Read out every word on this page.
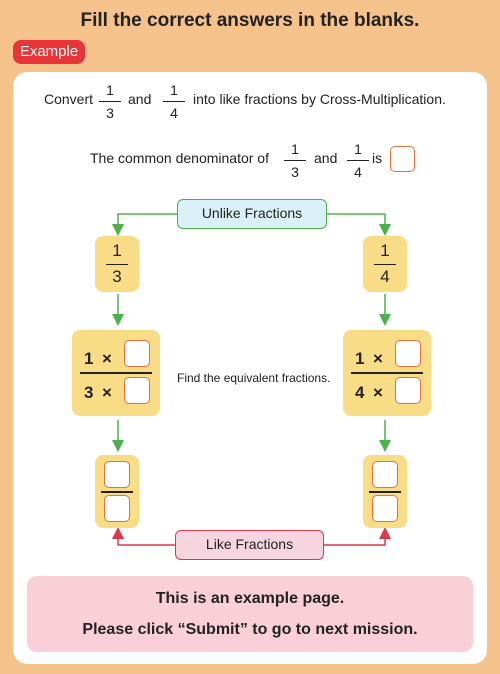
Fill the correct answers in the blanks.
Example
Convert
1
3
and
1
4
into like fractions by Cross-Multiplication.
The common denominator of
1
3
and
1
4
is
Unlike Fractions
1
3
1
4
1 ×
3 ×
Find the equivalent fractions.
1 ×
4 ×
Like Fractions
This is an example page.
Please click “Submit” to go to next mission.
